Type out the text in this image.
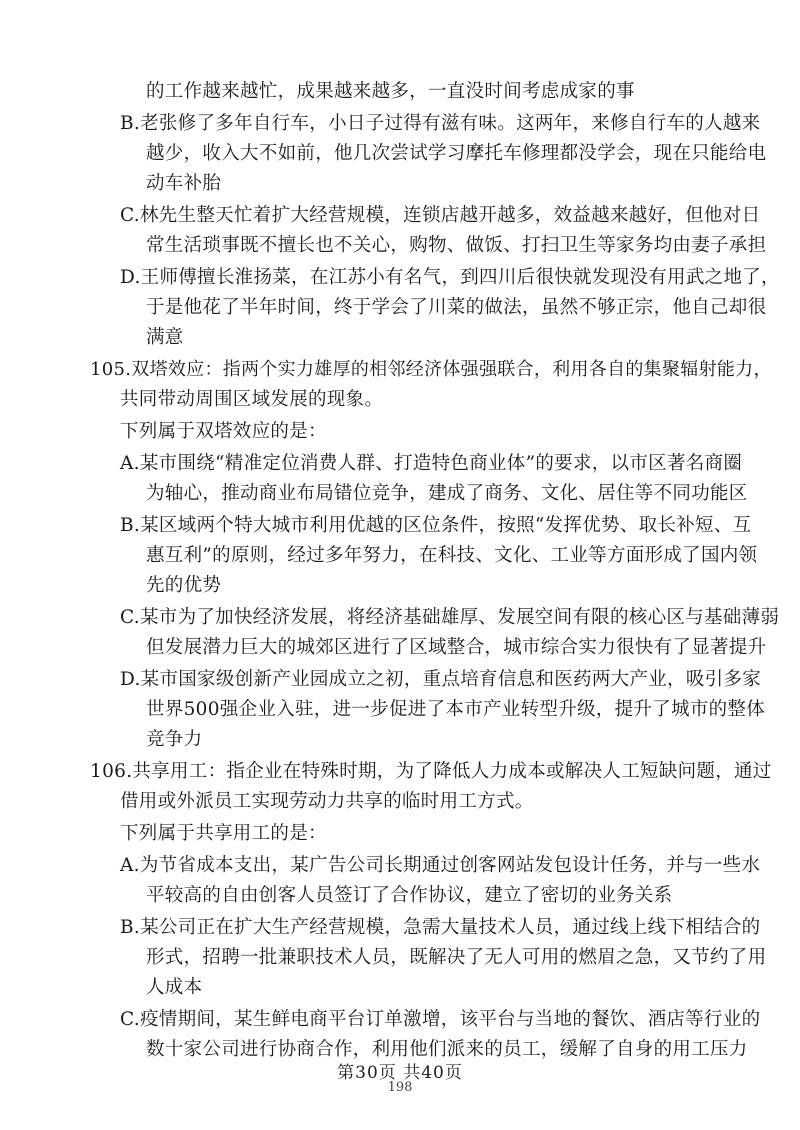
的工作越来越忙，成果越来越多，一直没时间考虑成家的事
B.老张修了多年自行车，小日子过得有滋有味。这两年，来修自行车的人越来
越少，收入大不如前，他几次尝试学习摩托车修理都没学会，现在只能给电
动车补胎
C.林先生整天忙着扩大经营规模，连锁店越开越多，效益越来越好，但他对日
常生活琐事既不擅长也不关心，购物、做饭、打扫卫生等家务均由妻子承担
D.王师傅擅长淮扬菜，在江苏小有名气，到四川后很快就发现没有用武之地了，
于是他花了半年时间，终于学会了川菜的做法，虽然不够正宗，他自己却很
满意
105.双塔效应：指两个实力雄厚的相邻经济体强强联合，利用各自的集聚辐射能力，
共同带动周围区域发展的现象。
下列属于双塔效应的是：
A.某市围绕“精准定位消费人群、打造特色商业体”的要求，以市区著名商圈
为轴心，推动商业布局错位竞争，建成了商务、文化、居住等不同功能区
B.某区域两个特大城市利用优越的区位条件，按照“发挥优势、取长补短、互
惠互利”的原则，经过多年努力，在科技、文化、工业等方面形成了国内领
先的优势
C.某市为了加快经济发展，将经济基础雄厚、发展空间有限的核心区与基础薄弱
但发展潜力巨大的城郊区进行了区域整合，城市综合实力很快有了显著提升
D.某市国家级创新产业园成立之初，重点培育信息和医药两大产业，吸引多家
世界500强企业入驻，进一步促进了本市产业转型升级，提升了城市的整体
竞争力
106.共享用工：指企业在特殊时期，为了降低人力成本或解决人工短缺问题，通过
借用或外派员工实现劳动力共享的临时用工方式。
下列属于共享用工的是：
A.为节省成本支出，某广告公司长期通过创客网站发包设计任务，并与一些水
平较高的自由创客人员签订了合作协议，建立了密切的业务关系
B.某公司正在扩大生产经营规模，急需大量技术人员，通过线上线下相结合的
形式，招聘一批兼职技术人员，既解决了无人可用的燃眉之急，又节约了用
人成本
C.疫情期间，某生鲜电商平台订单激增，该平台与当地的餐饮、酒店等行业的
数十家公司进行协商合作，利用他们派来的员工，缓解了自身的用工压力
第30页 共40页
198
